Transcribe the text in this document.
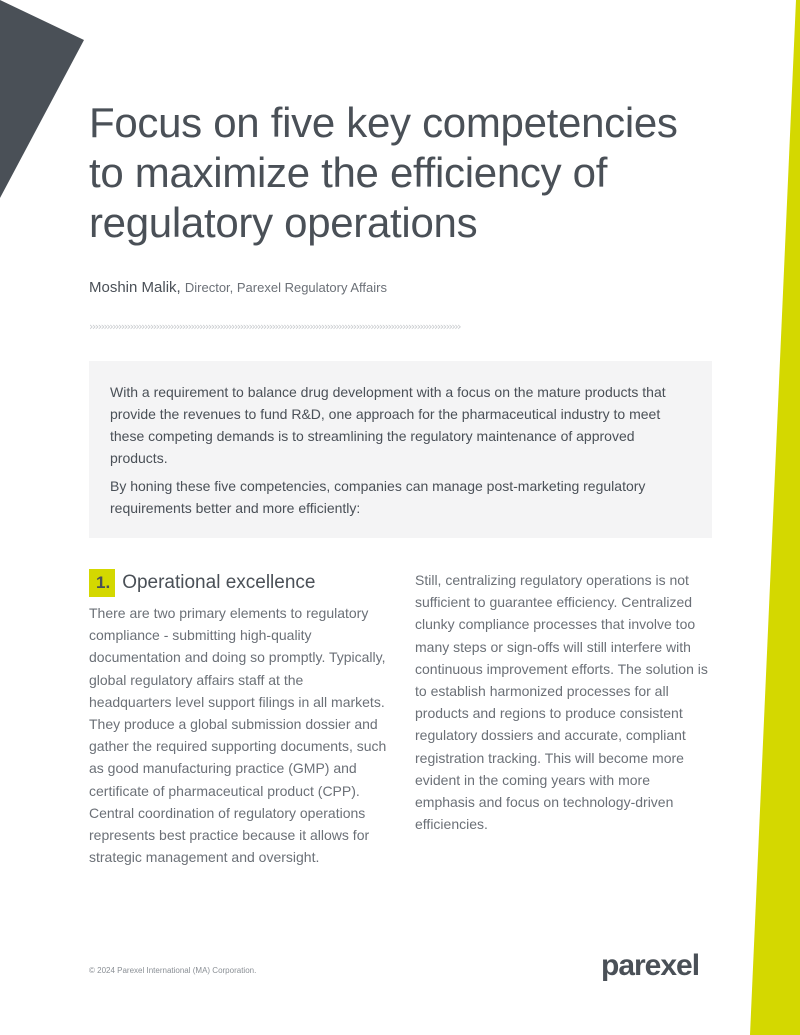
Focus on five key competencies to maximize the efficiency of regulatory operations
Moshin Malik, Director, Parexel Regulatory Affairs
››››››››››››››››››››››››››››››››››››››››››››››››››››››››››››››››››››››››››››››››››››››››››››››››››››››››››››››››››››››››››››››››

With a requirement to balance drug development with a focus on the mature products that provide the revenues to fund R&D, one approach for the pharmaceutical industry to meet these competing demands is to streamlining the regulatory maintenance of approved products.

By honing these five competencies, companies can manage post-marketing regulatory requirements better and more efficiently:

1. Operational excellence

There are two primary elements to regulatory compliance - submitting high-quality documentation and doing so promptly. Typically, global regulatory affairs staff at the headquarters level support filings in all markets. They produce a global submission dossier and gather the required supporting documents, such as good manufacturing practice (GMP) and certificate of pharmaceutical product (CPP). Central coordination of regulatory operations represents best practice because it allows for strategic management and oversight.

Still, centralizing regulatory operations is not sufficient to guarantee efficiency. Centralized clunky compliance processes that involve too many steps or sign-offs will still interfere with continuous improvement efforts. The solution is to establish harmonized processes for all products and regions to produce consistent regulatory dossiers and accurate, compliant registration tracking. This will become more evident in the coming years with more emphasis and focus on technology-driven efficiencies.

© 2024 Parexel International (MA) Corporation.	parexel
